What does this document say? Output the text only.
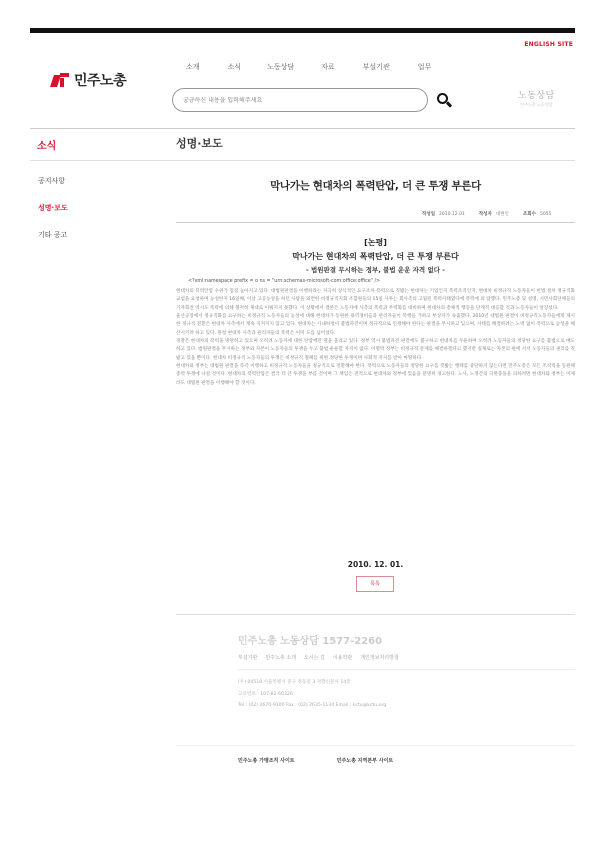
ENGLISH SITE
민주노총
소개	소식	노동상담	자료	부설기관	업무
궁금하신 내용을 입력해주세요
노동상담
민주노총 노동상담
소식	성명·보도
공지사항
성명·보도
기타 공고
막나가는 현대차의 폭력탄압, 더 큰 투쟁 부른다
작성일 2010.12.01	작성자 대변인	조회수 5055
[논평]
막나가는 현대차의 폭력탄압, 더 큰 투쟁 부른다
- 법원판결 무시하는 정부, 불법 운운 자격 없다 -
<?xml:namespace prefix = o ns = "urn:schemas-microsoft-com:office:office" />

현대차의 폭력탄압 수위가 점점 높아지고 있다. 대법원판결을 이행하라는 지극히 상식적인 요구조차 폭력으로 짓밟는 현대차는 기업인지 폭력조직인지, 현대차 비정규직 노동자들이 헌법 절차 정규직화 교섭을 요청하며 농성한지 16일째, 이날 고공농성을 하던 사람을 외면한 비정규직지회 조합원들의 15일 사투는 회사측의 고립된 폭력사태였다에 폭력에 의 랍했다. 민주노총 및 성명, 시민사회단체들의 기자회견 역시도 폭력에 의해 철저히 제대로 이뤄지지 못했다. 이 상황에서 결론은 노동자에 사측의 폭력과 무력화를 대비하며 현대차의 총체적 행동을 단계적 대응할 것과 노동자들이 앞장섰다.

울산공장에서 정규직화를 요구하는 비정규직 노동자들의 농성에 대해 현대차가 동원한 용역경비들과 관리자들이 폭행을 가하고 부상자가 속출했다. 2010년 대법원 판결이 비정규직노동자들에게 제시한 정규직 전환은 현대차 사측에서 계속 지켜지지 않고 있다. 현대차는 사내하청이 불법파견이며 정규직으로 인정해야 한다는 판결을 무시하고 있으며, 사태를 해결하려는 노력 없이 폭력으로 농성을 해산시키려 하고 있다. 원청 현대차 사측과 관리자들의 폭력은 이미 도를 넘어섰다.

경찰은 현대차의 폭력을 방관하고 있으며 오히려 노동자에 대한 탄압에만 열을 올리고 있다. 정부 역시 불법파견 판결에도 불구하고 현대차를 두둔하며 오히려 노동자들의 정당한 요구를 불법으로 매도하고 있다. 법원판결을 무시하는 정부와 자본이 노동자들의 투쟁을 두고 불법 운운할 자격이 없다. 이명박 정부는 비정규직 문제를 해결하겠다고 했지만 실제로는 자본의 편에 서서 노동자들의 권리를 짓밟고 있을 뿐이다. 현대차 비정규직 노동자들의 투쟁은 비정규직 철폐를 위한 정당한 투쟁이며 사회적 지지를 받아 마땅하다.

현대차와 정부는 대법원 판결을 즉각 이행하고 비정규직 노동자들을 정규직으로 전환해야 한다. 폭력으로 노동자들의 정당한 요구를 짓밟는 행태를 중단하지 않는다면 민주노총은 모든 조직력을 동원해 총력 투쟁에 나설 것이다. 현대차의 폭력탄압은 결국 더 큰 투쟁을 부를 것이며 그 책임은 전적으로 현대차와 정부에 있음을 분명히 경고한다. 노사, 노정간의 극한충돌을 피하려면 현대차와 정부는 이제라도 대법원 판결을 이행해야 할 것이다.

2010. 12. 01.
목록
민주노총 노동상담 1577-2260
부설기관 민주노총 소개 오시는 길 이용약관 개인정보처리방침
(우) 04518 서울특별시 중구 정동길 3 경향신문사 14층
고유번호 : 107-82-60326
Tel : (02) 2670-9100 Fax : (02) 2635-1134 Email : kctu@kctu.org
민주노총 가맹조직 사이트	민주노총 지역본부 사이트
